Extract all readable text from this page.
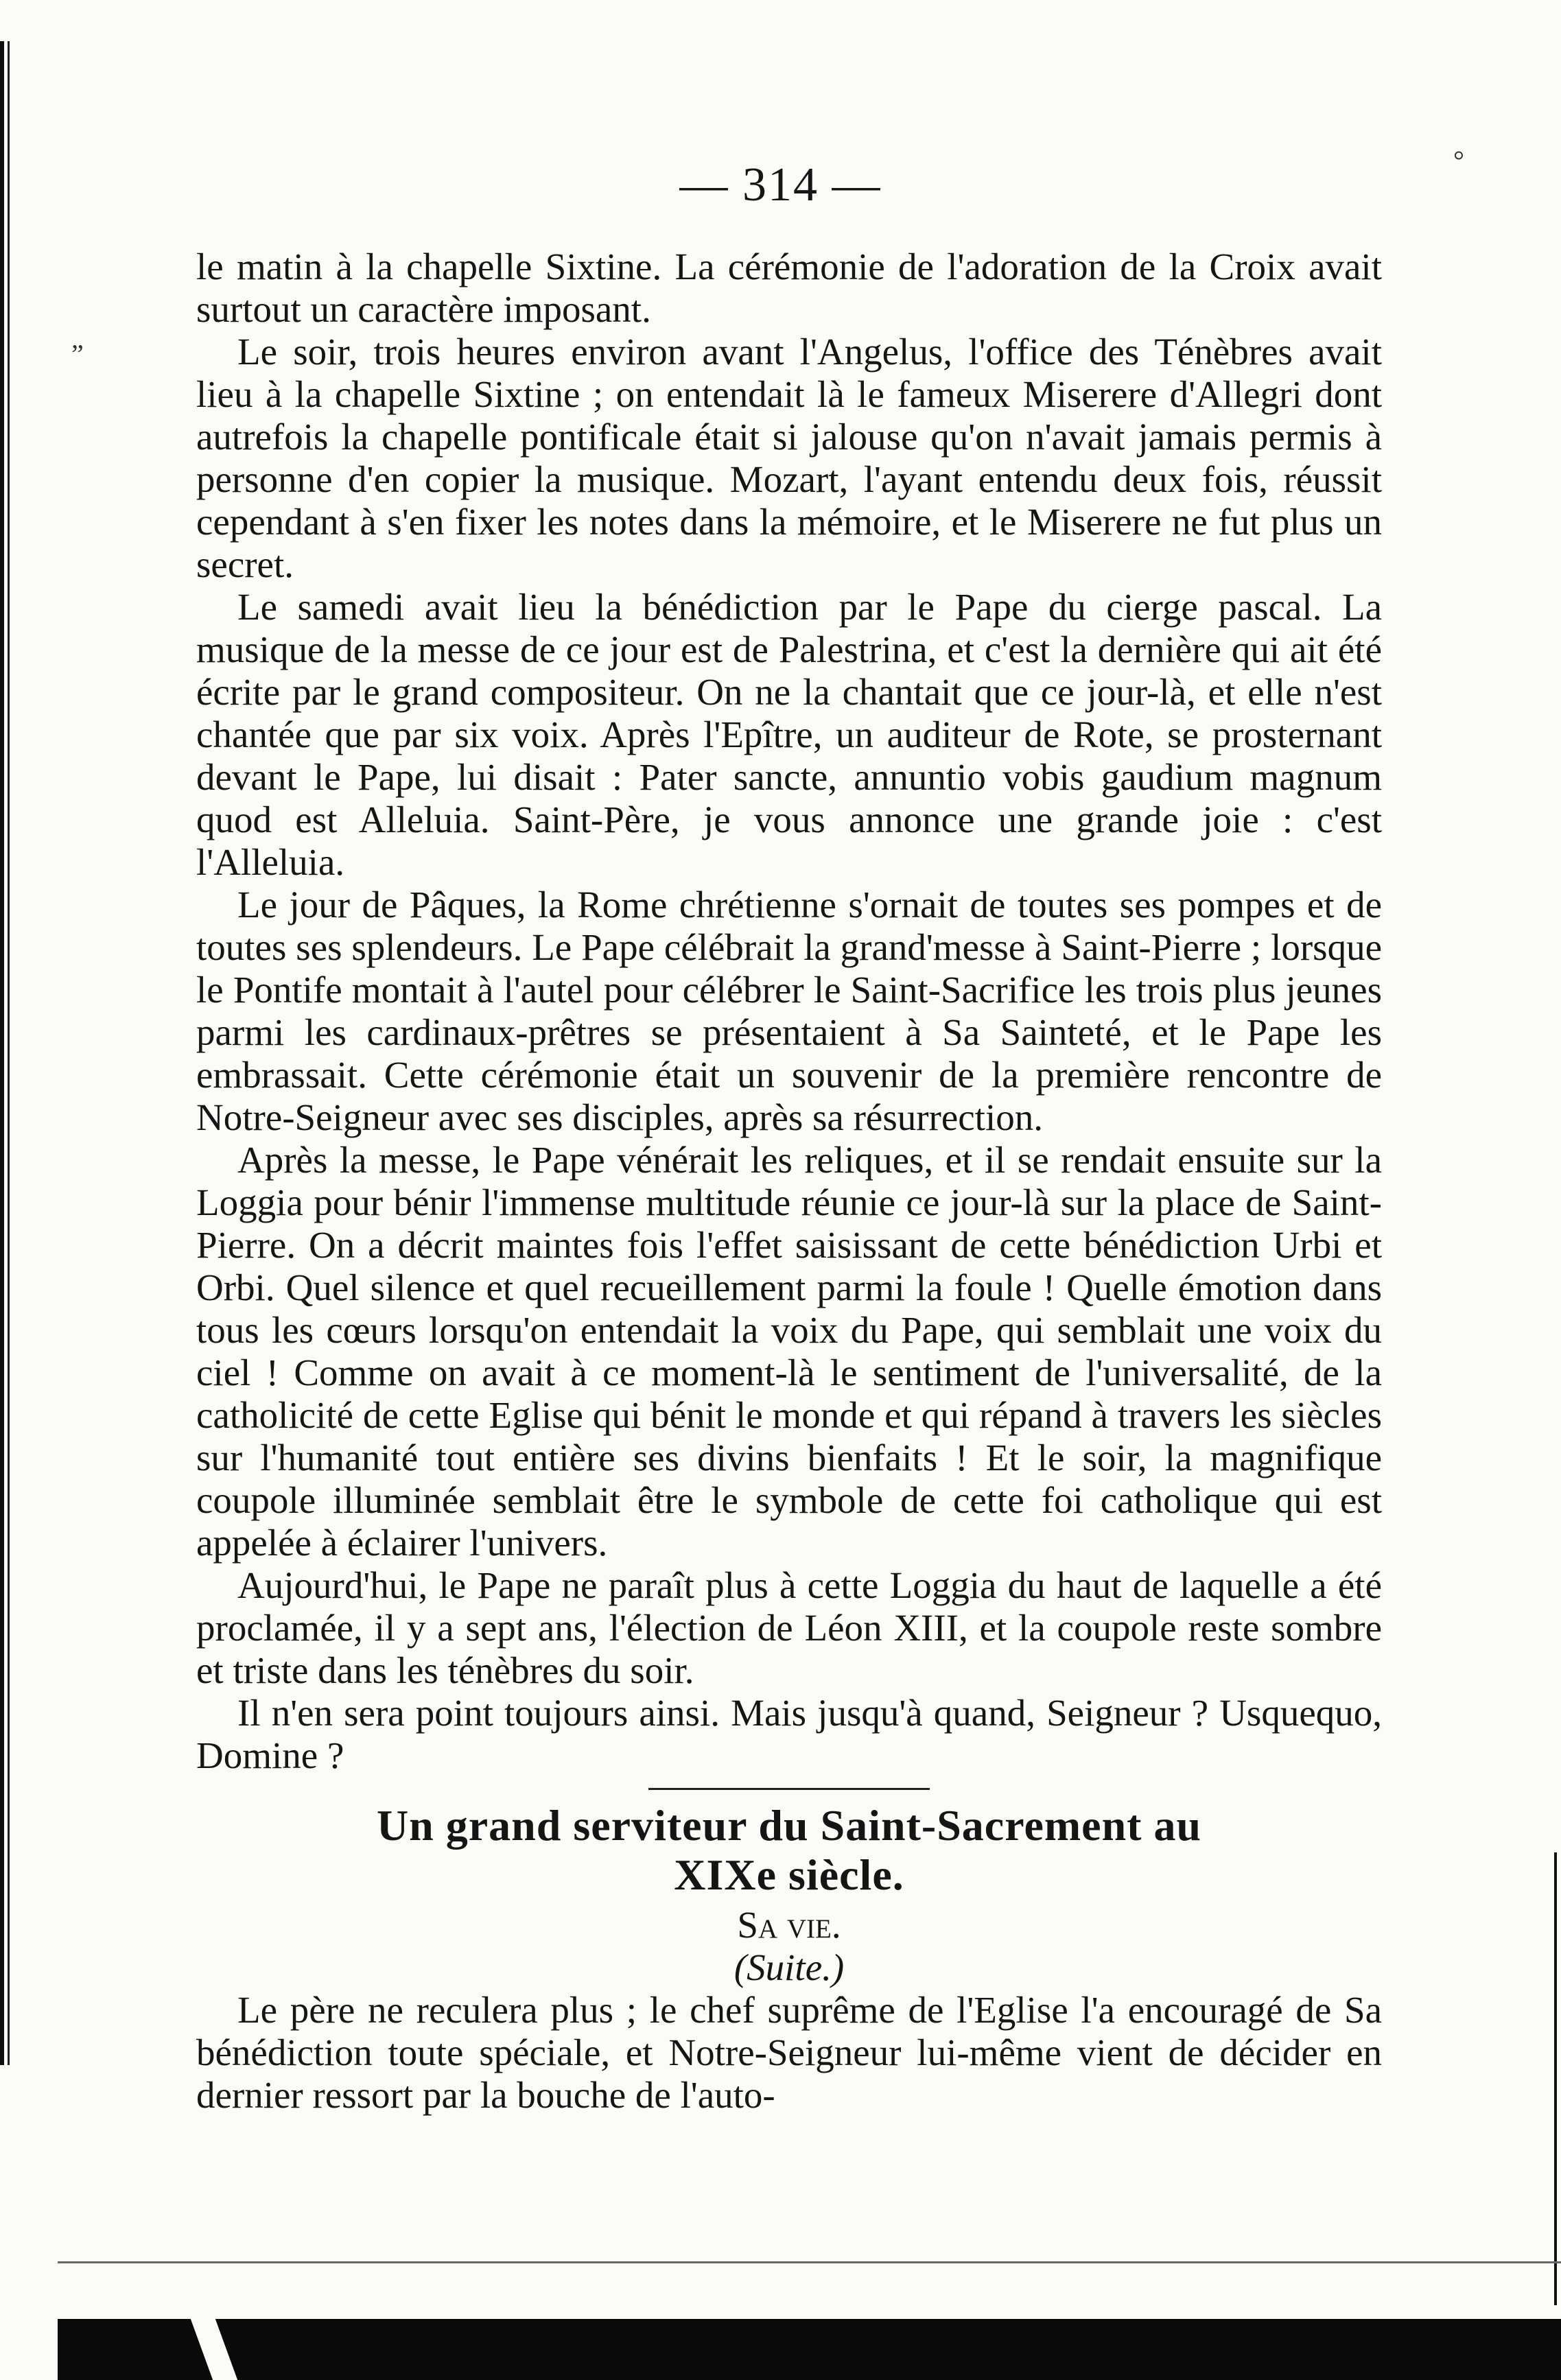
„
°
— 314 —

le matin à la chapelle Sixtine. La cérémonie de l'adoration de la Croix avait surtout un caractère imposant.

Le soir, trois heures environ avant l'Angelus, l'office des Ténèbres avait lieu à la chapelle Sixtine ; on entendait là le fameux Miserere d'Allegri dont autrefois la chapelle pontificale était si jalouse qu'on n'avait jamais permis à personne d'en copier la musique. Mozart, l'ayant entendu deux fois, réussit cependant à s'en fixer les notes dans la mémoire, et le Miserere ne fut plus un secret.

Le samedi avait lieu la bénédiction par le Pape du cierge pascal. La musique de la messe de ce jour est de Palestrina, et c'est la dernière qui ait été écrite par le grand compositeur. On ne la chantait que ce jour-là, et elle n'est chantée que par six voix. Après l'Epître, un auditeur de Rote, se prosternant devant le Pape, lui disait : Pater sancte, annuntio vobis gaudium magnum quod est Alleluia. Saint-Père, je vous annonce une grande joie : c'est l'Alleluia.

Le jour de Pâques, la Rome chrétienne s'ornait de toutes ses pompes et de toutes ses splendeurs. Le Pape célébrait la grand'messe à Saint-Pierre ; lorsque le Pontife montait à l'autel pour célébrer le Saint-Sacrifice les trois plus jeunes parmi les cardinaux-prêtres se présentaient à Sa Sainteté, et le Pape les embrassait. Cette cérémonie était un souvenir de la première rencontre de Notre-Seigneur avec ses disciples, après sa résurrection.

Après la messe, le Pape vénérait les reliques, et il se rendait ensuite sur la Loggia pour bénir l'immense multitude réunie ce jour-là sur la place de Saint-Pierre. On a décrit maintes fois l'effet saisissant de cette bénédiction Urbi et Orbi. Quel silence et quel recueillement parmi la foule ! Quelle émotion dans tous les cœurs lorsqu'on entendait la voix du Pape, qui semblait une voix du ciel ! Comme on avait à ce moment-là le sentiment de l'universalité, de la catholicité de cette Eglise qui bénit le monde et qui répand à travers les siècles sur l'humanité tout entière ses divins bienfaits ! Et le soir, la magnifique coupole illuminée semblait être le symbole de cette foi catholique qui est appelée à éclairer l'univers.

Aujourd'hui, le Pape ne paraît plus à cette Loggia du haut de laquelle a été proclamée, il y a sept ans, l'élection de Léon XIII, et la coupole reste sombre et triste dans les ténèbres du soir.

Il n'en sera point toujours ainsi. Mais jusqu'à quand, Seigneur ? Usquequo, Domine ?

Un grand serviteur du Saint-Sacrement au
XIXe siècle.

Sa vie.

(Suite.)

Le père ne reculera plus ; le chef suprême de l'Eglise l'a encouragé de Sa bénédiction toute spéciale, et Notre-Seigneur lui-même vient de décider en dernier ressort par la bouche de l'auto-
